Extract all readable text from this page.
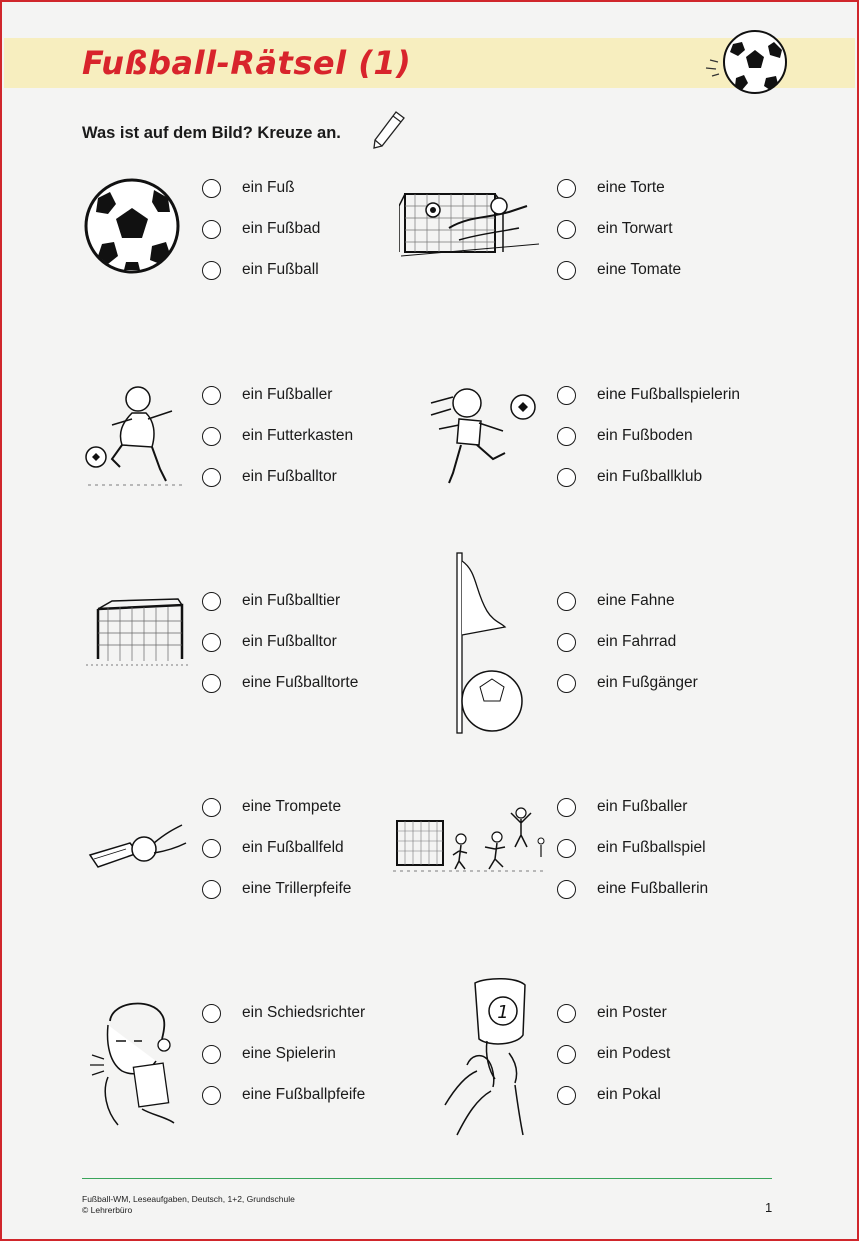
Fußball-Rätsel (1)
Was ist auf dem Bild? Kreuze an.
ein Fuß
ein Fußbad
ein Fußball
eine Torte
ein Torwart
eine Tomate
ein Fußballer
ein Futterkasten
ein Fußballtor
eine Fußballspielerin
ein Fußboden
ein Fußballklub
ein Fußballtier
ein Fußballtor
eine Fußballtorte
eine Fahne
ein Fahrrad
ein Fußgänger
eine Trompete
ein Fußballfeld
eine Trillerpfeife
ein Fußballer
ein Fußballspiel
eine Fußballerin
ein Schiedsrichter
eine Spielerin
eine Fußballpfeife
1	ein Poster
ein Podest
ein Pokal
Fußball-WM, Leseaufgaben, Deutsch, 1+2, Grundschule
© Lehrerbüro	1
